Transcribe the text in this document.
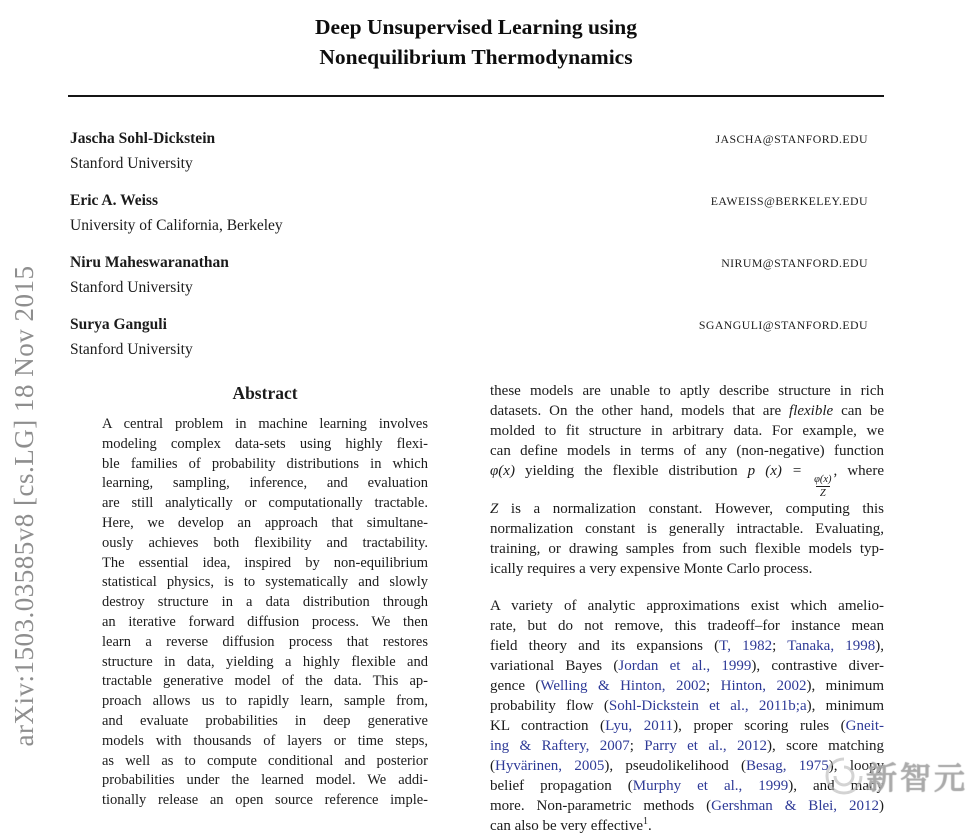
arXiv:1503.03585v8 [cs.LG] 18 Nov 2015
Deep Unsupervised Learning using
Nonequilibrium Thermodynamics
Jascha Sohl-Dickstein	JASCHA@STANFORD.EDU
Stanford University
Eric A. Weiss	EAWEISS@BERKELEY.EDU
University of California, Berkeley
Niru Maheswaranathan	NIRUM@STANFORD.EDU
Stanford University
Surya Ganguli	SGANGULI@STANFORD.EDU
Stanford University
Abstract
A central problem in machine learning involves
modeling complex data-sets using highly flexi-
ble families of probability distributions in which
learning, sampling, inference, and evaluation
are still analytically or computationally tractable.
Here, we develop an approach that simultane-
ously achieves both flexibility and tractability.
The essential idea, inspired by non-equilibrium
statistical physics, is to systematically and slowly
destroy structure in a data distribution through
an iterative forward diffusion process. We then
learn a reverse diffusion process that restores
structure in data, yielding a highly flexible and
tractable generative model of the data. This ap-
proach allows us to rapidly learn, sample from,
and evaluate probabilities in deep generative
models with thousands of layers or time steps,
as well as to compute conditional and posterior
probabilities under the learned model. We addi-
tionally release an open source reference imple-
these models are unable to aptly describe structure in rich
datasets. On the other hand, models that are flexible can be
molded to fit structure in arbitrary data. For example, we
can define models in terms of any (non-negative) function
φ(x) yielding the flexible distribution p (x) =
$\frac{\varphi(x)}{Z}$
, where
Z is a normalization constant. However, computing this
normalization constant is generally intractable. Evaluating,
training, or drawing samples from such flexible models typ-
ically requires a very expensive Monte Carlo process.
A variety of analytic approximations exist which amelio-
rate, but do not remove, this tradeoff–for instance mean
field theory and its expansions (T, 1982; Tanaka, 1998),
variational Bayes (Jordan et al., 1999), contrastive diver-
gence (Welling & Hinton, 2002; Hinton, 2002), minimum
probability flow (Sohl-Dickstein et al., 2011b;a), minimum
KL contraction (Lyu, 2011), proper scoring rules (Gneit-
ing & Raftery, 2007; Parry et al., 2012), score matching
(Hyvärinen, 2005), pseudolikelihood (Besag, 1975), loopy
belief propagation (Murphy et al., 1999), and many
more. Non-parametric methods (Gershman & Blei, 2012)
can also be very effective$^1$.
新智元
